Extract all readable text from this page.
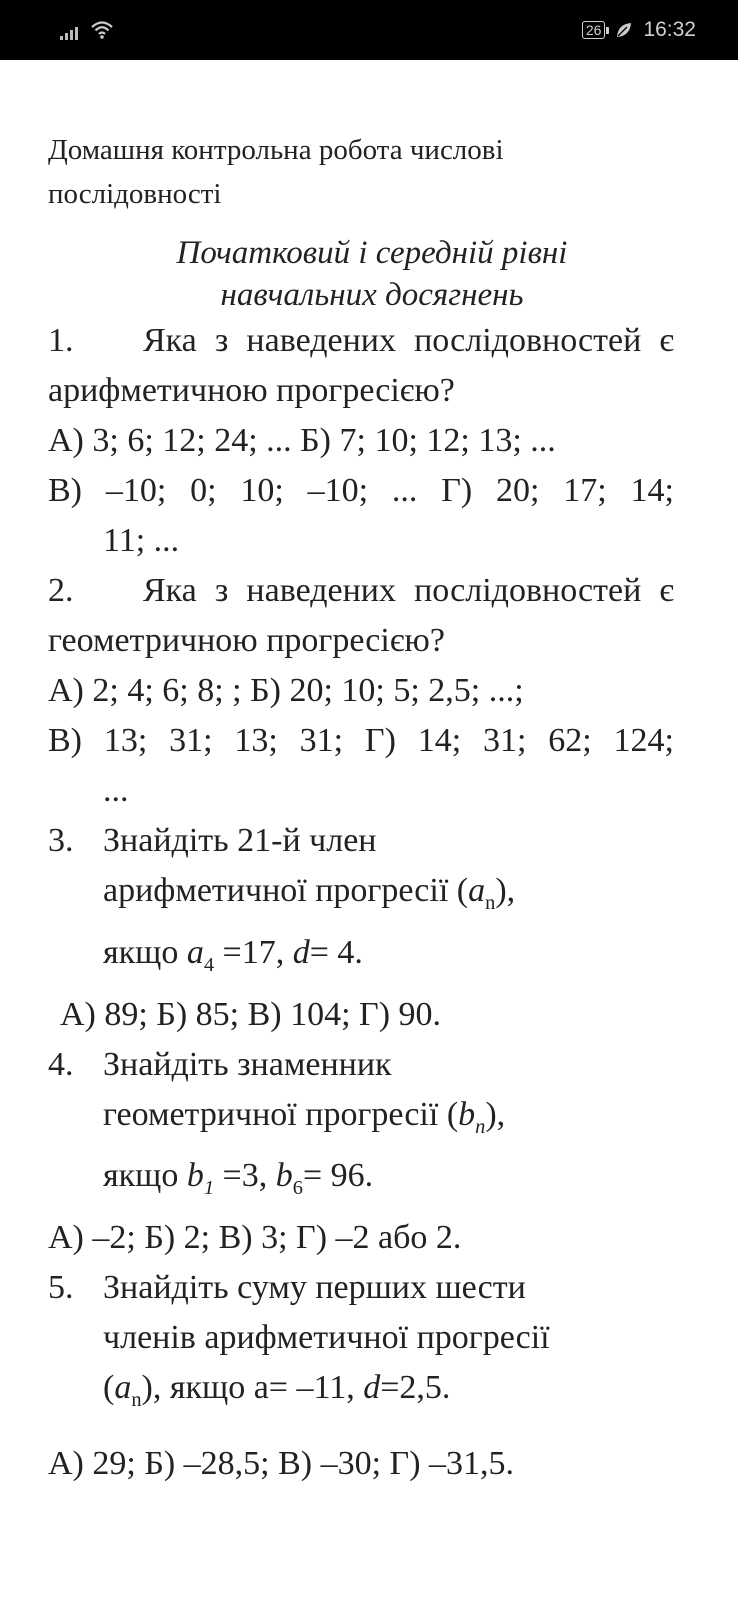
26 16:32
Домашня контрольна робота числові послідовності
Початковий і середній рівні
навчальних досягнень
1.	Яка з наведених послідовностей є арифметичною прогресією?
А) 3; 6; 12; 24; ... Б) 7; 10; 12; 13; ...
В) –10; 0; 10; –10; ... Г) 20; 17; 14;
11; ...
2.	Яка з наведених послідовностей є геометричною прогресією?
А) 2; 4; 6; 8; ; Б) 20; 10; 5; 2,5; ...;
В) 13; 31; 13; 31; Г) 14; 31; 62; 124;
...
3. Знайдіть 21-й член
арифметичної прогресії $(a_n)$,
якщо $a_4 =17$, d= 4.
А) 89; Б) 85; В) 104; Г) 90.
4. Знайдіть знаменник
геометричної прогресії $(b_n)$,
якщо $b_1 =3$, $b_6= 96$.
А) –2; Б) 2; В) 3; Г) –2 або 2.
5. Знайдіть суму перших шести
членів арифметичної прогресії
$(a_n)$, якщо а= –11, d=2,5.
А) 29; Б) –28,5; В) –30; Г) –31,5.
